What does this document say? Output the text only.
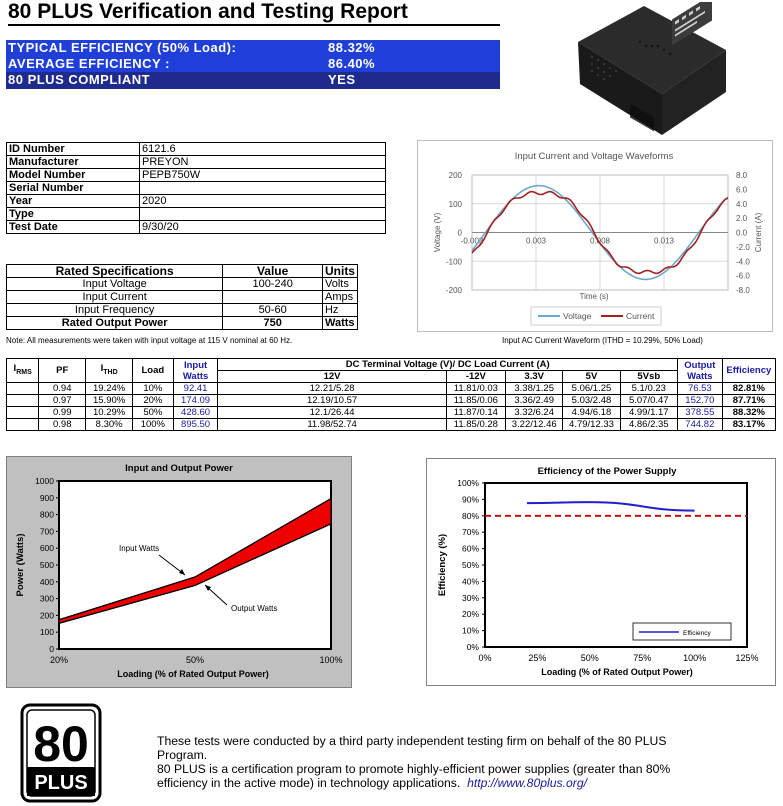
80 PLUS Verification and Testing Report
TYPICAL EFFICIENCY (50% Load):	88.32%
AVERAGE EFFICIENCY :	86.40%
80 PLUS COMPLIANT	YES
ID Number	6121.6
Manufacturer	PREYON
Model Number	PEPB750W
Serial Number	
Year	2020
Type	
Test Date	9/30/20
Rated Specifications	Value	Units
Input Voltage	100-240	Volts
Input Current		Amps
Input Frequency	50-60	Hz
Rated Output Power	750	Watts
Note: All measurements were taken with input voltage at 115 V nominal at 60 Hz.
Input Current and Voltage Waveforms
200
100
0
-100
-200
8.0
6.0
4.0
2.0
0.0
-2.0
-4.0
-6.0
-8.0
-0.002	0.003	0.008	0.013
Time (s)
Voltage (V)	Current (A)
Voltage	Current
Input AC Current Waveform (ITHD = 10.29%, 50% Load)
$I_{RMS}$	PF	$I_{THD}$	Load	Input Watts	DC Terminal Voltage (V)/ DC Load Current (A)					Output Watts	Efficiency
					12V	-12V	3.3V	5V	5Vsb		
	0.94	19.24%	10%	92.41	12.21/5.28	11.81/0.03	3.38/1.25	5.06/1.25	5.1/0.23	76.53	82.81%
	0.97	15.90%	20%	174.09	12.19/10.57	11.85/0.06	3.36/2.49	5.03/2.48	5.07/0.47	152.70	87.71%
	0.99	10.29%	50%	428.60	12.1/26.44	11.87/0.14	3.32/6.24	4.94/6.18	4.99/1.17	378.55	88.32%
	0.98	8.30%	100%	895.50	11.98/52.74	11.85/0.28	3.22/12.46	4.79/12.33	4.86/2.35	744.82	83.17%
Input and Output Power
1000
900
800
700
600
500
400
300
200
100
0
20%	50%	100%
Input Watts
Output Watts
Loading (% of Rated Output Power)
Power (Watts)
Efficiency of the Power Supply
100%
90%
80%
70%
60%
50%
40%
30%
20%
10%
0%
0%	25%	50%	75%	100%	125%
Efficiency
Loading (% of Rated Output Power)
Efficiency (%)
80
PLUS
These tests were conducted by a third party independent testing firm on behalf of the 80 PLUS Program.
80 PLUS is a certification program to promote highly-efficient power supplies (greater than 80%
efficiency in the active mode) in technology applications. http://www.80plus.org/
